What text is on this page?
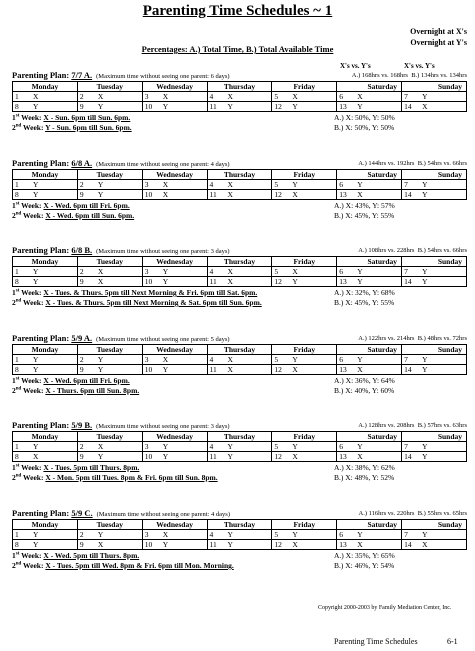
Parenting Time Schedules ~ 1
Overnight at X's
Overnight at Y's
Percentages: A.) Total Time, B.) Total Available Time
X's vs. Y's	X's vs. Y's
Parenting Plan: 7/7 A. (Maximum time without seeing one parent: 6 days)	A.) 168hrs vs. 168hrs B.) 134hrs vs. 134hrs
Monday	Tuesday	Wednesday	Thursday	Friday	Saturday	Sunday
1 X	2 X	3 X	4 X	5 X	6 X	7 Y
8 Y	9 Y	10 Y	11 Y	12 Y	13 Y	14 X
1st Week: X - Sun. 6pm till Sun. 6pm.
2nd Week: Y - Sun. 6pm till Sun. 6pm.
A.) X: 50%, Y: 50%
B.) X: 50%, Y: 50%
Parenting Plan: 6/8 A. (Maximum time without seeing one parent: 4 days)	A.) 144hrs vs. 192hrs B.) 54hrs vs. 66hrs
Monday	Tuesday	Wednesday	Thursday	Friday	Saturday	Sunday
1 Y	2 Y	3 X	4 X	5 Y	6 Y	7 Y
8 Y	9 Y	10 X	11 X	12 X	13 X	14 Y
1st Week: X - Wed. 6pm till Fri. 6pm.
2nd Week: X - Wed. 6pm till Sun. 6pm.
A.) X: 43%, Y: 57%
B.) X: 45%, Y: 55%
Parenting Plan: 6/8 B. (Maximum time without seeing one parent: 3 days)	A.) 108hrs vs. 228hrs B.) 54hrs vs. 66hrs
Monday	Tuesday	Wednesday	Thursday	Friday	Saturday	Sunday
1 Y	2 X	3 Y	4 X	5 X	6 Y	7 Y
8 Y	9 X	10 Y	11 X	12 Y	13 Y	14 Y
1st Week: X - Tues. & Thurs. 5pm till Next Morning & Fri. 6pm till Sat. 6pm.
2nd Week: X - Tues. & Thurs. 5pm till Next Morning & Sat. 6pm till Sun. 6pm.
A.) X: 32%, Y: 68%
B.) X: 45%, Y: 55%
Parenting Plan: 5/9 A. (Maximum time without seeing one parent: 5 days)	A.) 122hrs vs. 214hrs B.) 48hrs vs. 72hrs
Monday	Tuesday	Wednesday	Thursday	Friday	Saturday	Sunday
1 Y	2 Y	3 X	4 X	5 Y	6 Y	7 Y
8 Y	9 Y	10 Y	11 X	12 X	13 X	14 Y
1st Week: X - Wed. 6pm till Fri. 6pm.
2nd Week: X - Thurs. 6pm till Sun. 8pm.
A.) X: 36%, Y: 64%
B.) X: 40%, Y: 60%
Parenting Plan: 5/9 B. (Maximum time without seeing one parent: 3 days)	A.) 128hrs vs. 208hrs B.) 57hrs vs. 63hrs
Monday	Tuesday	Wednesday	Thursday	Friday	Saturday	Sunday
1 Y	2 X	3 Y	4 Y	5 Y	6 Y	7 Y
8 X	9 Y	10 Y	11 Y	12 X	13 X	14 Y
1st Week: X - Tues. 5pm till Thurs. 8pm.
2nd Week: X - Mon. 5pm till Tues. 8pm & Fri. 6pm till Sun. 8pm.
A.) X: 38%, Y: 62%
B.) X: 48%, Y: 52%
Parenting Plan: 5/9 C. (Maximum time without seeing one parent: 4 days)	A.) 116hrs vs. 220hrs B.) 55hrs vs. 65hrs
Monday	Tuesday	Wednesday	Thursday	Friday	Saturday	Sunday
1 Y	2 Y	3 X	4 Y	5 Y	6 Y	7 Y
8 Y	9 X	10 Y	11 Y	12 X	13 X	14 X
1st Week: X - Wed. 5pm till Thurs. 8pm.
2nd Week: X - Tues. 5pm till Wed. 8pm & Fri. 6pm till Mon. Morning.
A.) X: 35%, Y: 65%
B.) X: 46%, Y: 54%
Copyright 2000-2003 by Family Mediation Center, Inc.
Parenting Time Schedules	6-1
